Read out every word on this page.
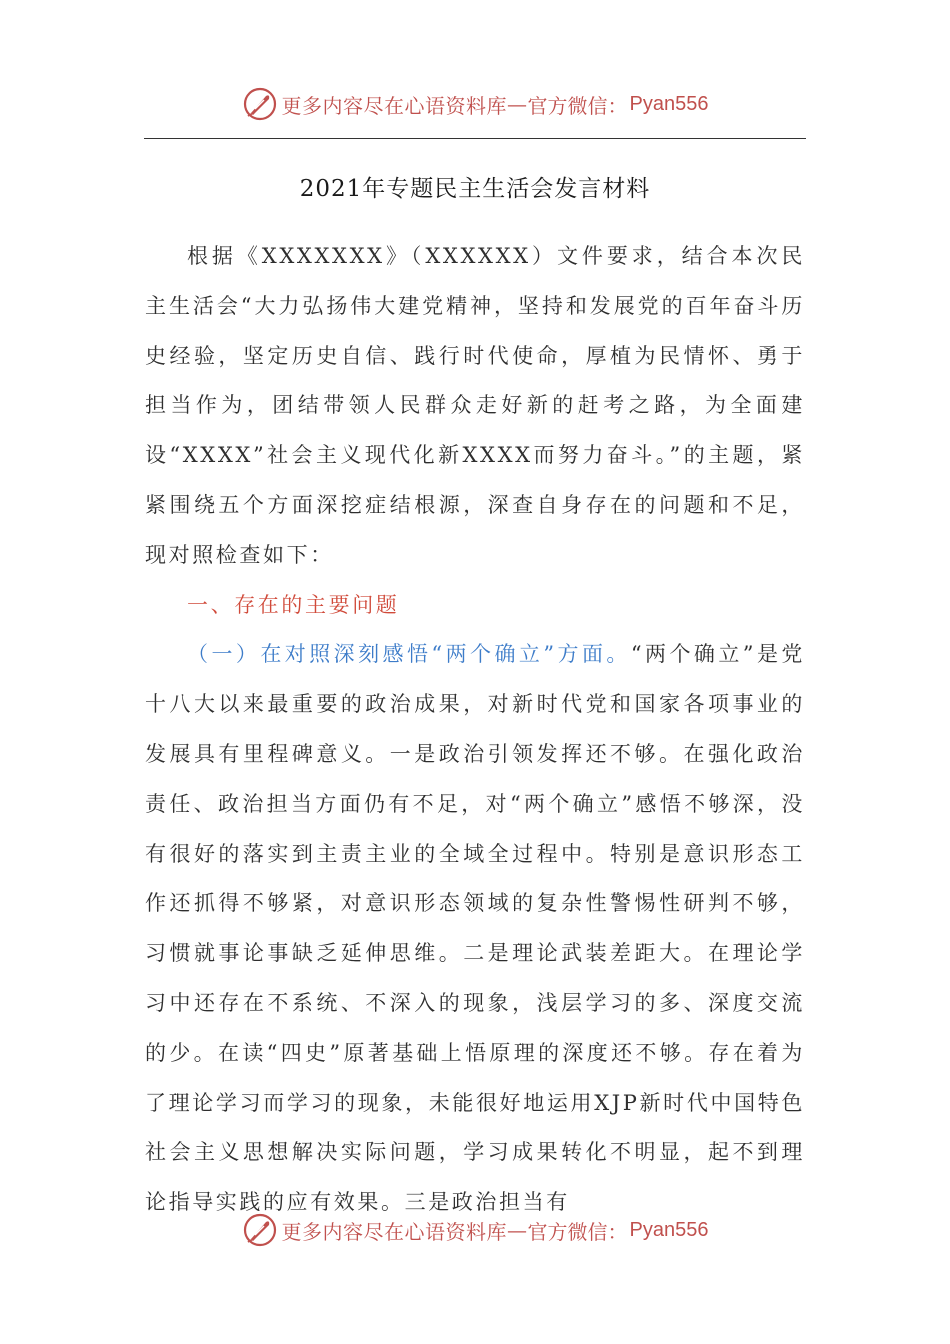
更多内容尽在心语资料库 — 官方微信： Pyan556
2021年专题民主生活会发言材料

根据《XXXXXXX》（XXXXXX）文件要求，结合本次民主生活会“大力弘扬伟大建党精神，坚持和发展党的百年奋斗历史经验，坚定历史自信、践行时代使命，厚植为民情怀、勇于担当作为，团结带领人民群众走好新的赶考之路，为全面建设“XXXX”社会主义现代化新XXXX而努力奋斗。”的主题，紧紧围绕五个方面深挖症结根源，深查自身存在的问题和不足，现对照检查如下：

一、存在的主要问题

（一）在对照深刻感悟“两个确立”方面。“两个确立”是党十八大以来最重要的政治成果，对新时代党和国家各项事业的发展具有里程碑意义。一是政治引领发挥还不够。在强化政治责任、政治担当方面仍有不足，对“两个确立”感悟不够深，没有很好的落实到主责主业的全域全过程中。特别是意识形态工作还抓得不够紧，对意识形态领域的复杂性警惕性研判不够，习惯就事论事缺乏延伸思维。二是理论武装差距大。在理论学习中还存在不系统、不深入的现象，浅层学习的多、深度交流的少。在读“四史”原著基础上悟原理的深度还不够。存在着为了理论学习而学习的现象，未能很好地运用XJP新时代中国特色社会主义思想解决实际问题，学习成果转化不明显，起不到理论指导实践的应有效果。三是政治担当有

更多内容尽在心语资料库 — 官方微信： Pyan556
